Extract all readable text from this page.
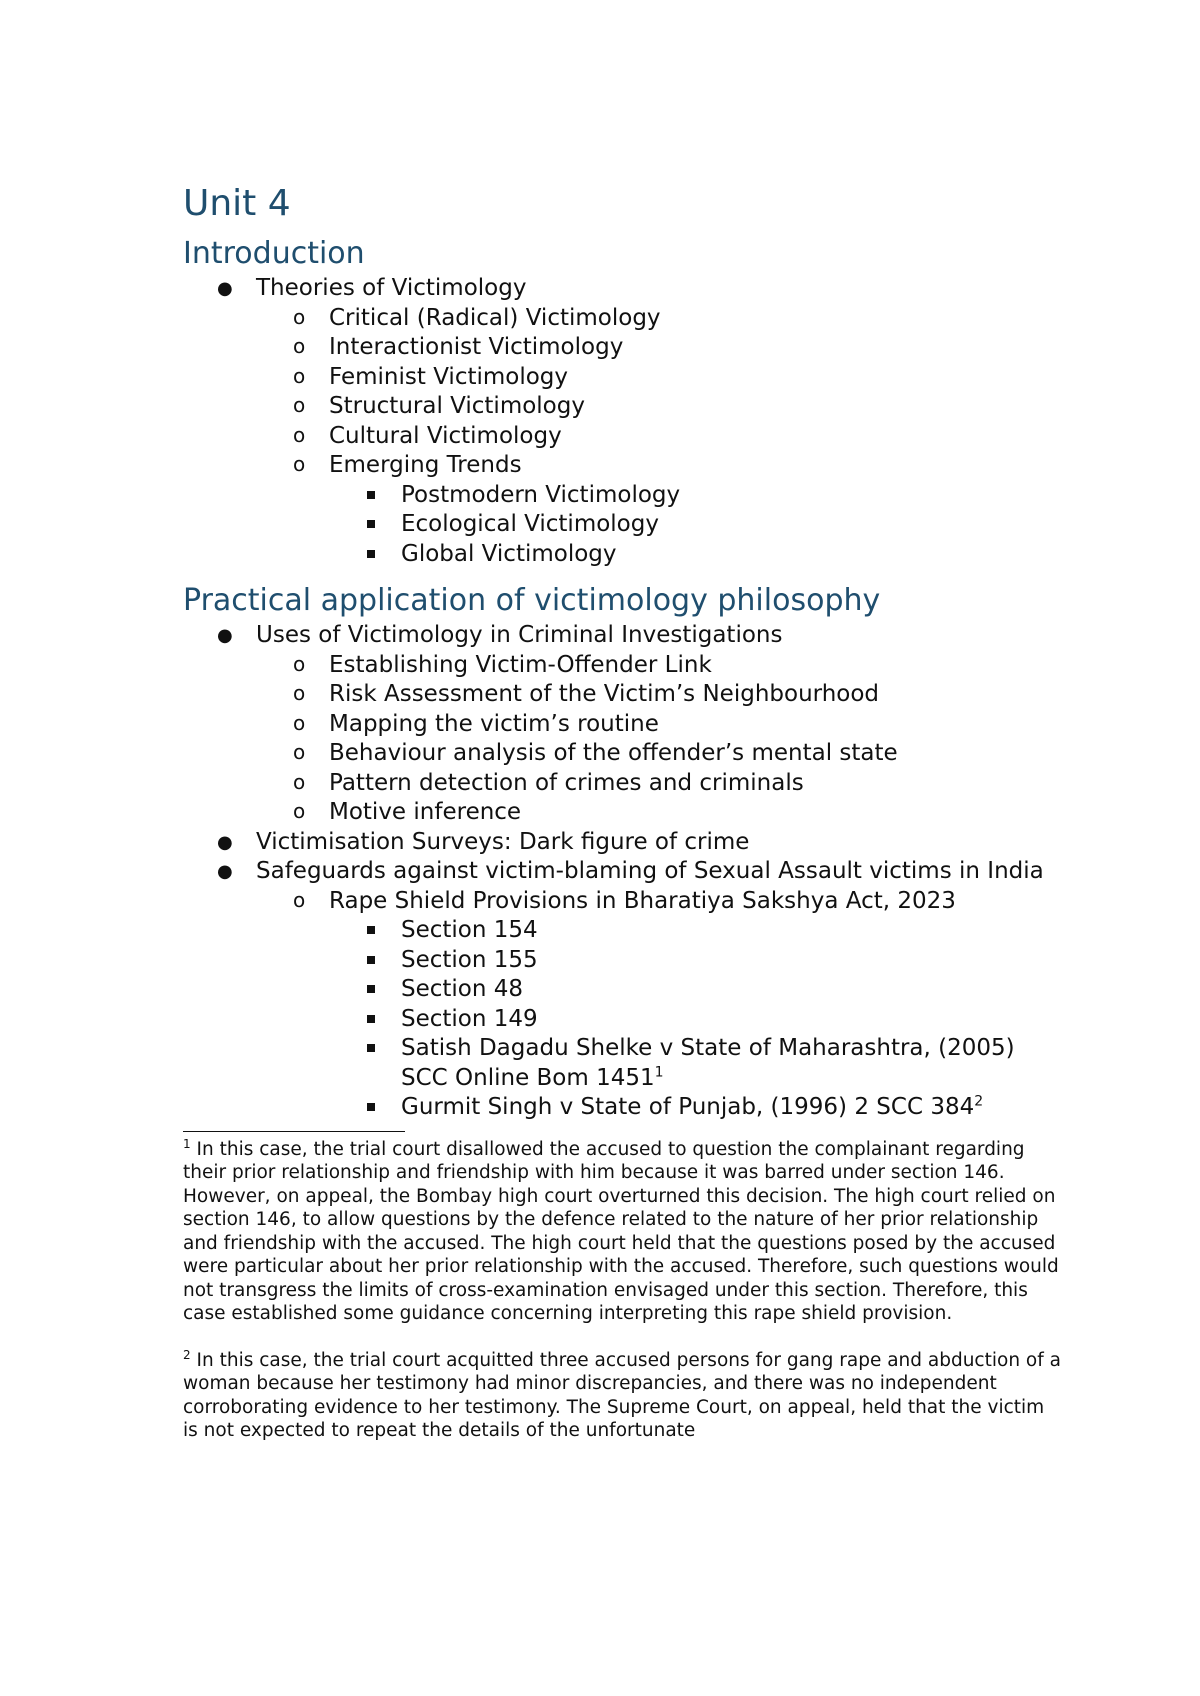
Unit 4
Introduction
● Theories of Victimology
o Critical (Radical) Victimology
o Interactionist Victimology
o Feminist Victimology
o Structural Victimology
o Cultural Victimology
o Emerging Trends
Postmodern Victimology
Ecological Victimology
Global Victimology
Practical application of victimology philosophy
● Uses of Victimology in Criminal Investigations
o Establishing Victim-Offender Link
o Risk Assessment of the Victim’s Neighbourhood
o Mapping the victim’s routine
o Behaviour analysis of the offender’s mental state
o Pattern detection of crimes and criminals
o Motive inference
● Victimisation Surveys: Dark figure of crime
● Safeguards against victim-blaming of Sexual Assault victims in India
o Rape Shield Provisions in Bharatiya Sakshya Act, 2023
Section 154
Section 155
Section 48
Section 149
Satish Dagadu Shelke v State of Maharashtra, (2005) SCC Online Bom 1451$^1$
Gurmit Singh v State of Punjab, (1996) 2 SCC $384^2$

$^1$ In this case, the trial court disallowed the accused to question the complainant regarding their prior relationship and friendship with him because it was barred under section 146. However, on appeal, the Bombay high court overturned this decision. The high court relied on section 146, to allow questions by the defence related to the nature of her prior relationship and friendship with the accused. The high court held that the questions posed by the accused were particular about her prior relationship with the accused. Therefore, such questions would not transgress the limits of cross-examination envisaged under this section. Therefore, this case established some guidance concerning interpreting this rape shield provision.

$^2$ In this case, the trial court acquitted three accused persons for gang rape and abduction of a woman because her testimony had minor discrepancies, and there was no independent corroborating evidence to her testimony. The Supreme Court, on appeal, held that the victim is not expected to repeat the details of the unfortunate
